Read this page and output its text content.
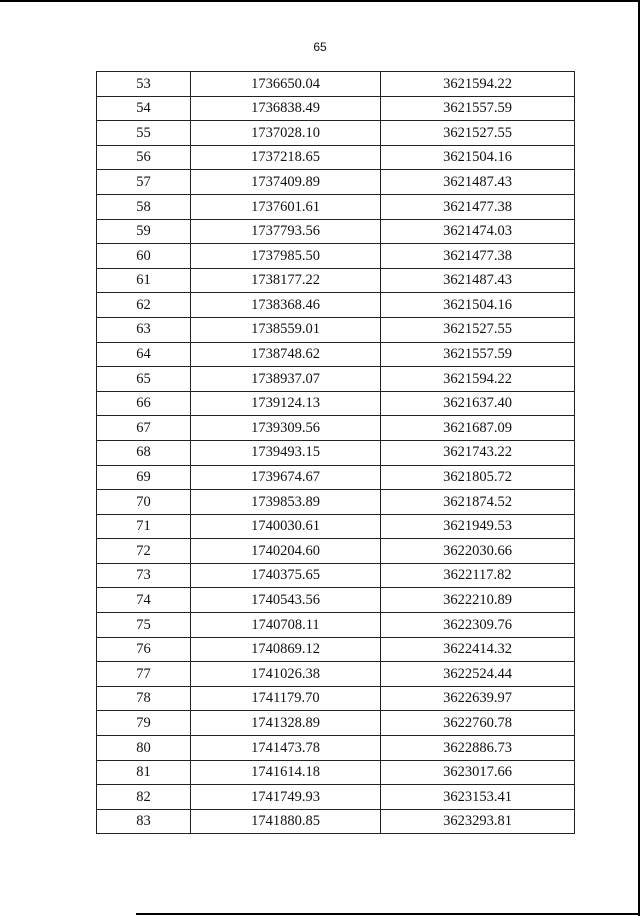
65
53	1736650.04	3621594.22
54	1736838.49	3621557.59
55	1737028.10	3621527.55
56	1737218.65	3621504.16
57	1737409.89	3621487.43
58	1737601.61	3621477.38
59	1737793.56	3621474.03
60	1737985.50	3621477.38
61	1738177.22	3621487.43
62	1738368.46	3621504.16
63	1738559.01	3621527.55
64	1738748.62	3621557.59
65	1738937.07	3621594.22
66	1739124.13	3621637.40
67	1739309.56	3621687.09
68	1739493.15	3621743.22
69	1739674.67	3621805.72
70	1739853.89	3621874.52
71	1740030.61	3621949.53
72	1740204.60	3622030.66
73	1740375.65	3622117.82
74	1740543.56	3622210.89
75	1740708.11	3622309.76
76	1740869.12	3622414.32
77	1741026.38	3622524.44
78	1741179.70	3622639.97
79	1741328.89	3622760.78
80	1741473.78	3622886.73
81	1741614.18	3623017.66
82	1741749.93	3623153.41
83	1741880.85	3623293.81
